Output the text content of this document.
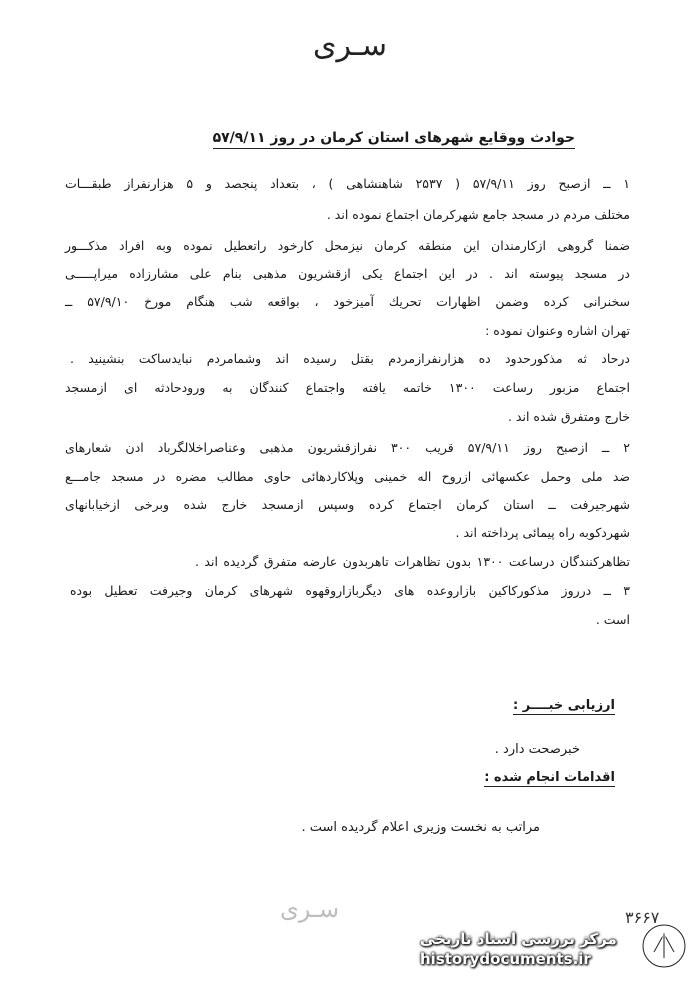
سـری
حوادث ووقايع شهرهای استان كرمان در روز ۵۷/۹/۱۱
۱ ــ ازصبح روز ۵۷/۹/۱۱ ( ۲۵۳۷ شاهنشاهی ) ، بتعداد پنجصد و ۵ هزارنفراز طبقـــات
مختلف مردم در مسجد جامع شهركرمان اجتماع نموده اند .
ضمنا گروهی ازكارمندان این منطقه كرمان نیزمحل كارخود راتعطیل نموده وبه افراد مذكـــور
در مسجد پیوسته اند . در این اجتماع یكی ازقشریون مذهبی بنام علی مشارزاده میراپـــــی
سخنرانی كرده وضمن اظهارات تحریك آمیزخود ، بواقعه شب هنگام مورخ ۵۷/۹/۱۰ ــ
تهران اشاره وعنوان نموده :
درحاد ثه مذكورحدود ده هزارنفرازمردم بقتل رسیده اند وشمامردم نبایدساكت بنشینید .
اجتماع مزبور رساعت ۱۳۰۰ خاتمه یافته واجتماع كنندگان به ورودحادثه ای ازمسجد
خارج ومتفرق شده اند .
۲ ــ ازصبح روز ۵۷/۹/۱۱ قریب ۳۰۰ نفرازقشریون مذهبی وعناصراخلالگرباد ادن شعارهای
ضد ملی وحمل عكسهائی ازروح اله خمینی وپلاكاردهائی حاوی مطالب مضره در مسجد جامـــع
شهرجیرفت ــ استان كرمان اجتماع كرده وسپس ازمسجد خارج شده وبرخی ازخیابانهای
شهردكوبه راه پیمائی پرداخته اند .
تظاهركنندگان درساعت ۱۳۰۰ بدون تظاهرات تاهربدون عارضه متفرق گردیده اند .
۳ ــ درروز مذكوركاكین بازاروعده های دیگربازاروقهوه شهرهای كرمان وجیرفت تعطیل بوده
است .
ارزیابی خبــــر :
خبرصحت دارد .
اقدامات انجام شده :
مراتب به نخست وزیری اعلام گردیده است .
سـری	۳۶۶۷
مركز بررسی اسناد تاریخی
historydocuments.ir
